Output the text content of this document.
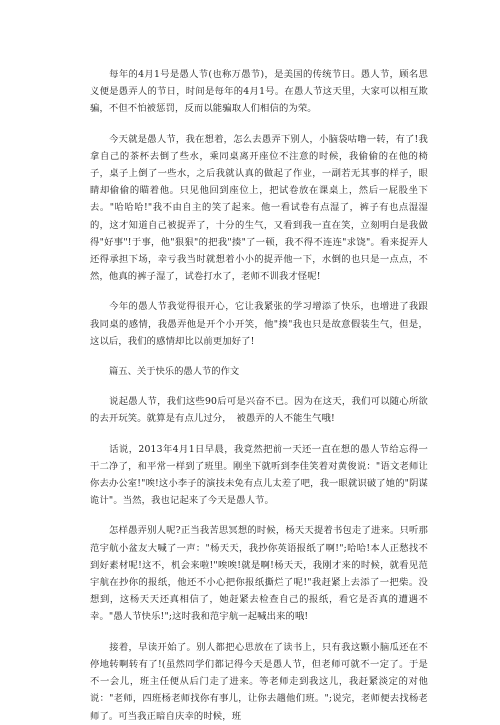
每年的4月1号是愚人节(也称万愚节)，是美国的传统节日。愚人节，顾名思义便是愚弄人的节日，时间是每年的4月1号。在愚人节这天里，大家可以相互欺骗，不但不怕被惩罚，反而以能骗取人们相信的为荣。

今天就是愚人节，我在想着，怎么去愚弄下别人，小脑袋咕噜一转，有了!我拿自己的茶杯去倒了些水，乘同桌离开座位不注意的时候，我偷偷的在他的椅子，桌子上倒了一些水，之后我就认真的做起了作业，一副若无其事的样子，眼睛却偷偷的瞄着他。只见他回到座位上，把试卷放在课桌上，然后一屁股坐下去。"哈哈哈!"我不由自主的笑了起来。他一看试卷有点湿了，裤子有也点湿湿的，这才知道自己被捉弄了，十分的生气，又看到我一直在笑，立刻明白是我做得"好事"!于事，他"狠狠"的把我"揍"了一顿，我不得不连连"求饶"。看来捉弄人还得承担下场，幸亏我当时就想着小小的捉弄他一下，水倒的也只是一点点，不然，他真的裤子湿了，试卷打水了，老师不训我才怪呢!

今年的愚人节我觉得很开心，它让我紧张的学习增添了快乐，也增进了我跟我同桌的感情，我愚弄他是开个小开笑，他"揍"我也只是故意假装生气，但是，这以后，我们的感情却比以前更加好了!

篇五、关于快乐的愚人节的作文

说起愚人节，我们这些90后可是兴奋不已。因为在这天，我们可以随心所欲的去开玩笑。就算是有点儿过分，　被愚弄的人不能生气哦!

话说，2013年4月1日早晨，我竟然把前一天还一直在想的愚人节给忘得一干二净了，和平常一样到了班里。刚坐下就听到李佳笑着对黄俊说："语文老师让你去办公室!"唉!这小李子的演技未免有点儿太差了吧，我一眼就识破了她的"阴谋诡计"。当然，我也记起来了今天是愚人节。

怎样愚弄别人呢?正当我苦思冥想的时候，杨天天提着书包走了进来。只听那范宇航小盆友大喊了一声："杨天天，我抄你英语报纸了啊!";哈哈!本人正愁找不到好素材呢!这不，机会来啦!"唉唉!就是啊!杨天天，我刚才来的时候，就看见范宇航在抄你的报纸，他还不小心把你报纸撕烂了呢!"我赶紧上去添了一把柴。没想到，这杨天天还真相信了，她赶紧去检查自己的报纸，看它是否真的遭遇不幸。"愚人节快乐!";这时我和范宇航一起喊出来的哦!

接着，早读开始了。别人都把心思放在了读书上，只有我这颗小脑瓜还在不停地转啊转有了!(虽然同学们都记得今天是愚人节，但老师可就不一定了。于是不一会儿，班主任便从后门走了进来。等老师走到我这儿，我赶紧淡定的对他说："老师，四班杨老师找你有事儿，让你去趟他们班。";说完，老师便去找杨老师了。可当我正暗自庆幸的时候，班
